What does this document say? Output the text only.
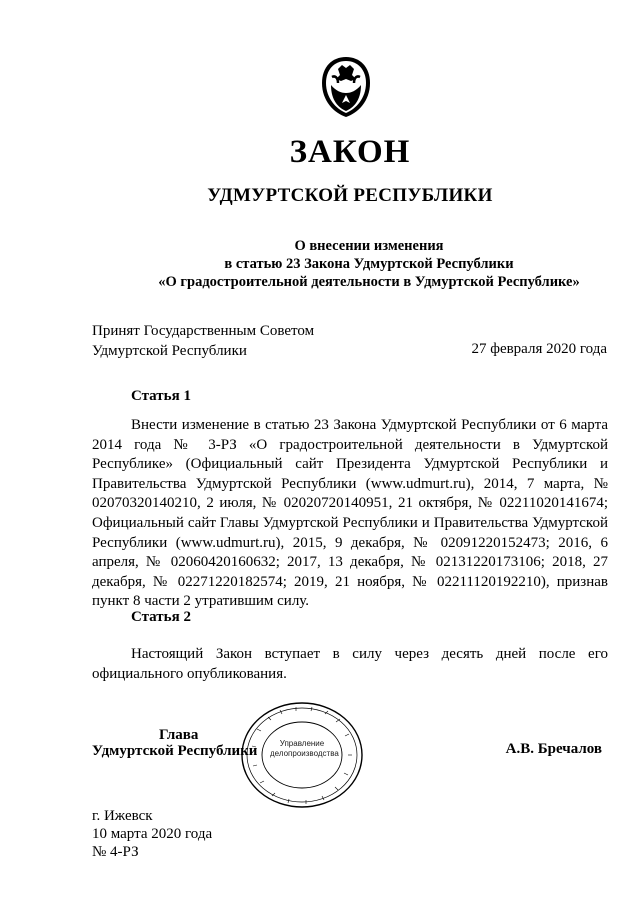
ЗАКОН
УДМУРТСКОЙ РЕСПУБЛИКИ
О внесении изменения
в статью 23 Закона Удмуртской Республики
«О градостроительной деятельности в Удмуртской Республике»
Принят Государственным Советом
Удмуртской Республики	27 февраля 2020 года
Статья 1
Внести изменение в статью 23 Закона Удмуртской Республики от 6 марта 2014 года № 3-РЗ «О градостроительной деятельности в Удмуртской Республике» (Официальный сайт Президента Удмуртской Республики и Правительства Удмуртской Республики (www.udmurt.ru), 2014, 7 марта, № 02070320140210, 2 июля, № 02020720140951, 21 октября, № 02211020141674; Официальный сайт Главы Удмуртской Республики и Правительства Удмуртской Республики (www.udmurt.ru), 2015, 9 декабря, № 02091220152473; 2016, 6 апреля, № 02060420160632; 2017, 13 декабря, № 02131220173106; 2018, 27 декабря, № 02271220182574; 2019, 21 ноября, № 02211120192210), признав пункт 8 части 2 утратившим силу.
Статья 2
Настоящий Закон вступает в силу через десять дней после его официального опубликования.
Управление делопроизводства
Глава
Удмуртской Республики	А.В. Бречалов
г. Ижевск
10 марта 2020 года
№ 4-РЗ
